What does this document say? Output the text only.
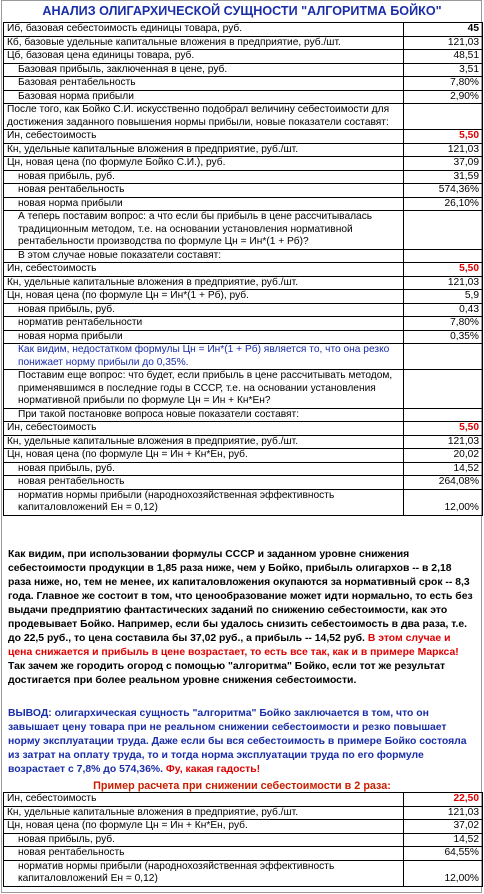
АНАЛИЗ ОЛИГАРХИЧЕСКОЙ СУЩНОСТИ "АЛГОРИТМА БОЙКО"
Иб, базовая себестоимость единицы товара, руб.	45
Кб, базовые удельные капитальные вложения в предприятие, руб./шт.	121,03
Цб, базовая цена единицы товара, руб.	48,51
Базовая прибыль, заключенная в цене, руб.	3,51
Базовая рентабельность	7,80%
Базовая норма прибыли	2,90%
После того, как Бойко С.И. искусственно подобрал величину себестоимости для достижения заданного повышения нормы прибыли, новые показатели составят:	
Ин, себестоимость	5,50
Кн, удельные капитальные вложения в предприятие, руб./шт.	121,03
Цн, новая цена (по формуле Бойко С.И.), руб.	37,09
новая прибыль, руб.	31,59
новая рентабельность	574,36%
новая норма прибыли	26,10%
А теперь поставим вопрос: а что если бы прибыль в цене рассчитывалась традиционным методом, т.е. на основании установления нормативной рентабельности производства по формуле Цн = Ин*(1 + Рб)?	
В этом случае новые показатели составят:	
Ин, себестоимость	5,50
Кн, удельные капитальные вложения в предприятие, руб./шт.	121,03
Цн, новая цена (по формуле Цн = Ин*(1 + Рб), руб.	5,9
новая прибыль, руб.	0,43
норматив рентабельности	7,80%
новая норма прибыли	0,35%
Как видим, недостатком формулы Цн = Ин*(1 + Рб) является то, что она резко понижает норму прибыли до 0,35%.	
Поставим еще вопрос: что будет, если прибыль в цене рассчитывать методом, применявшимся в последние годы в СССР, т.е. на основании установления нормативной прибыли по формуле Цн = Ин + Кн*Ен?	
При такой постановке вопроса новые показатели составят:	
Ин, себестоимость	5,50
Кн, удельные капитальные вложения в предприятие, руб./шт.	121,03
Цн, новая цена (по формуле Цн = Ин + Кн*Ен, руб.	20,02
новая прибыль, руб.	14,52
новая рентабельность	264,08%
норматив нормы прибыли (народнохозяйственная эффективность капиталовложений Ен = 0,12)	12,00%
Как видим, при использовании формулы СССР и заданном уровне снижения себестоимости продукции в 1,85 раза ниже, чем у Бойко, прибыль олигархов -- в 2,18 раза ниже, но, тем не менее, их капиталовложения окупаются за нормативный срок -- 8,3 года. Главное же состоит в том, что ценообразование может идти нормально, то есть без выдачи предприятию фантастических заданий по снижению себестоимости, как это продевывает Бойко. Например, если бы удалось снизить себестоимость в два раза, т.е. до 22,5 руб., то цена составила бы 37,02 руб., а прибыль -- 14,52 руб. В этом случае и цена снижается и прибыль в цене возрастает, то есть все так, как и в примере Маркса! Так зачем же городить огород с помощью "алгоритма" Бойко, если тот же результат достигается при более реальном уровне снижения себестоимости.
ВЫВОД: олигархическая сущность "алгоритма" Бойко заключается в том, что он завышает цену товара при не реальном снижении себестоимости и резко повышает норму эксплуатации труда. Даже если бы вся себестоимость в примере Бойко состояла из затрат на оплату труда, то и тогда норма эксплуатации труда по его формуле возрастает с 7,8% до 574,36%. Фу, какая гадость!
Пример расчета при снижении себестоимости в 2 раза:
Ин, себестоимость	22,50
Кн, удельные капитальные вложения в предприятие, руб./шт.	121,03
Цн, новая цена (по формуле Цн = Ин + Кн*Ен, руб.	37,02
новая прибыль, руб.	14,52
новая рентабельность	64,55%
норматив нормы прибыли (народнохозяйственная эффективность капиталовложений Ен = 0,12)	12,00%
